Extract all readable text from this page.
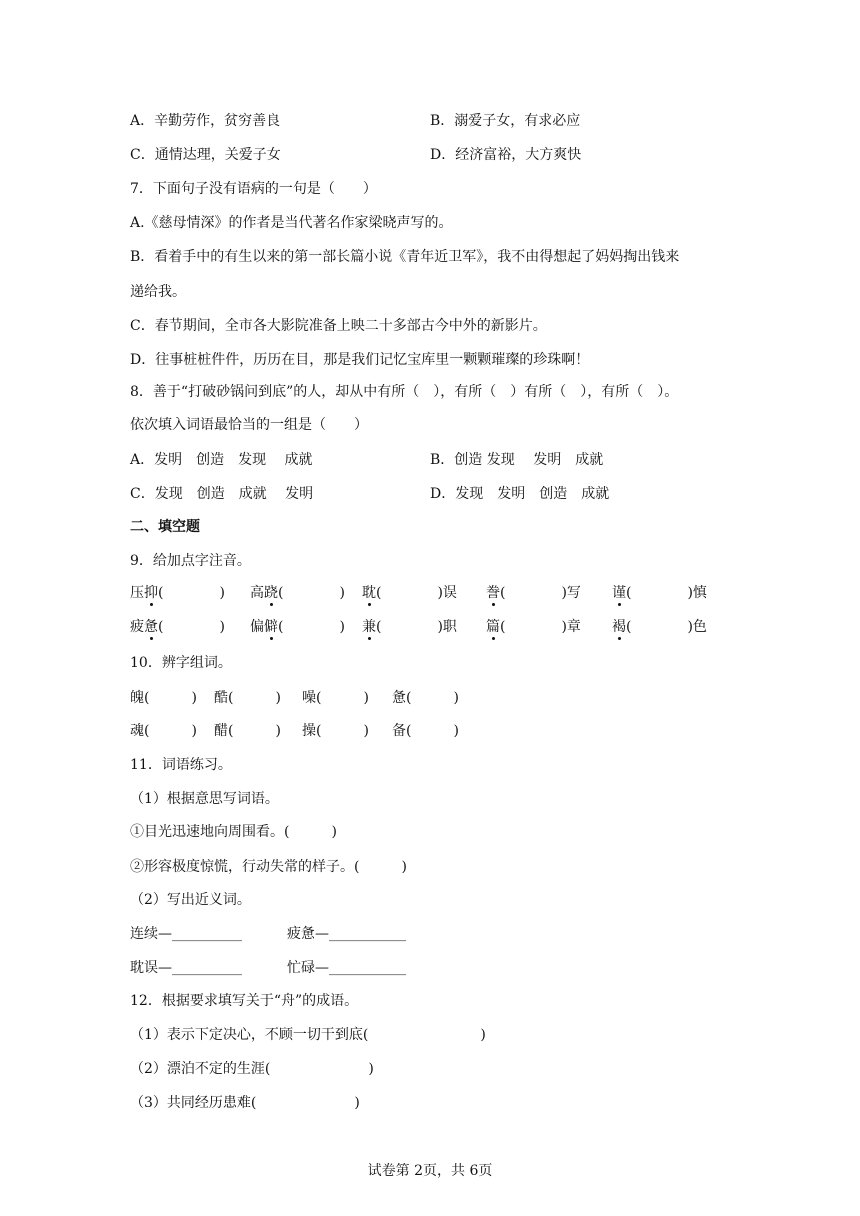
A．辛勤劳作，贫穷善良	B．溺爱子女，有求必应
C．通情达理，关爱子女	D．经济富裕，大方爽快
7．下面句子没有语病的一句是（　　）
A.《慈母情深》的作者是当代著名作家梁晓声写的。
B．看着手中的有生以来的第一部长篇小说《青年近卫军》，我不由得想起了妈妈掏出钱来
递给我。
C．春节期间，全市各大影院准备上映二十多部古今中外的新影片。
D．往事桩桩件件，历历在目，那是我们记忆宝库里一颗颗璀璨的珍珠啊！
8．善于“打破砂锅问到底”的人，却从中有所（　），有所（　）有所（　），有所（　）。
依次填入词语最恰当的一组是（　　）
A．发明　创造　发现　 成就	B．创造 发现　 发明　成就
C．发现　创造　成就　 发明	D．发现　发明　创造　成就
二、填空题
9．给加点字注音。
压抑(　　　　) 高跷(　　　　) 耽(　　　　)误 誊(　　　　)写 谨(　　　　)慎
疲惫(　　　　) 偏僻(　　　　) 兼(　　　　)职 篇(　　　　)章 褐(　　　　)色
10．辨字组词。
魄(　　　) 酷(　　　) 噪(　　　) 惫(　　　)
魂(　　　) 醋(　　　) 操(　　　) 备(　　　)
11．词语练习。
（1）根据意思写词语。
①目光迅速地向周围看。(　　　)
②形容极度惊慌，行动失常的样子。(　　　)
（2）写出近义词。
连续—__________	疲惫—___________
耽误—__________	忙碌—___________
12．根据要求填写关于“舟”的成语。
（1）表示下定决心，不顾一切干到底(　　　　　　　　)
（2）漂泊不定的生涯(　　　　　　　)
（3）共同经历患难(　　　　　　　)
试卷第 2页，共 6页
